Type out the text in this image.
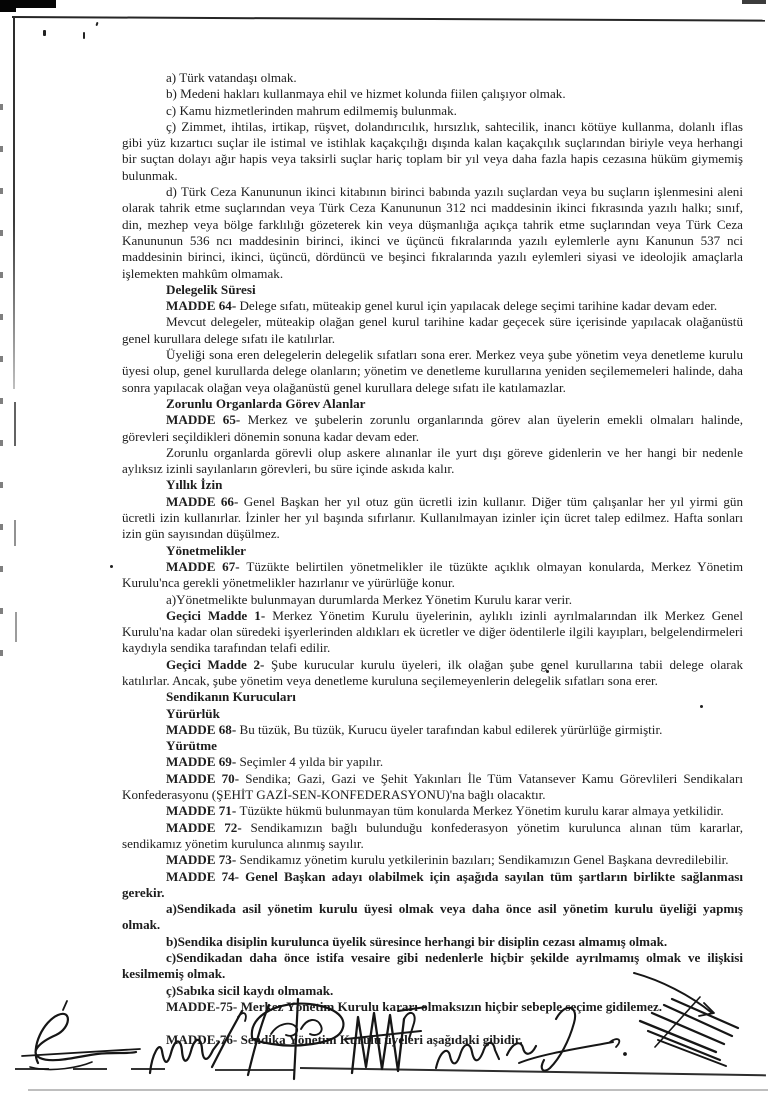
a) Türk vatandaşı olmak.

b) Medeni hakları kullanmaya ehil ve hizmet kolunda fiilen çalışıyor olmak.

c) Kamu hizmetlerinden mahrum edilmemiş bulunmak.

ç) Zimmet, ihtilas, irtikap, rüşvet, dolandırıcılık, hırsızlık, sahtecilik, inancı kötüye kullanma, dolanlı iflas gibi yüz kızartıcı suçlar ile istimal ve istihlak kaçakçılığı dışında kalan kaçakçılık suçlarından biriyle veya herhangi bir suçtan dolayı ağır hapis veya taksirli suçlar hariç toplam bir yıl veya daha fazla hapis cezasına hüküm giymemiş bulunmak.

d) Türk Ceza Kanununun ikinci kitabının birinci babında yazılı suçlardan veya bu suçların işlenmesini aleni olarak tahrik etme suçlarından veya Türk Ceza Kanununun 312 nci maddesinin ikinci fıkrasında yazılı halkı; sınıf, din, mezhep veya bölge farklılığı gözeterek kin veya düşmanlığa açıkça tahrik etme suçlarından veya Türk Ceza Kanununun 536 ncı maddesinin birinci, ikinci ve üçüncü fıkralarında yazılı eylemlerle aynı Kanunun 537 nci maddesinin birinci, ikinci, üçüncü, dördüncü ve beşinci fıkralarında yazılı eylemleri siyasi ve ideolojik amaçlarla işlemekten mahkûm olmamak.

Delegelik Süresi

MADDE 64- Delege sıfatı, müteakip genel kurul için yapılacak delege seçimi tarihine kadar devam eder.

Mevcut delegeler, müteakip olağan genel kurul tarihine kadar geçecek süre içerisinde yapılacak olağanüstü genel kurullara delege sıfatı ile katılırlar.

Üyeliği sona eren delegelerin delegelik sıfatları sona erer. Merkez veya şube yönetim veya denetleme kurulu üyesi olup, genel kurullarda delege olanların; yönetim ve denetleme kurullarına yeniden seçilememeleri halinde, daha sonra yapılacak olağan veya olağanüstü genel kurullara delege sıfatı ile katılamazlar.

Zorunlu Organlarda Görev Alanlar

MADDE 65- Merkez ve şubelerin zorunlu organlarında görev alan üyelerin emekli olmaları halinde, görevleri seçildikleri dönemin sonuna kadar devam eder.

Zorunlu organlarda görevli olup askere alınanlar ile yurt dışı göreve gidenlerin ve her hangi bir nedenle aylıksız izinli sayılanların görevleri, bu süre içinde askıda kalır.

Yıllık İzin

MADDE 66- Genel Başkan her yıl otuz gün ücretli izin kullanır. Diğer tüm çalışanlar her yıl yirmi gün ücretli izin kullanırlar. İzinler her yıl başında sıfırlanır. Kullanılmayan izinler için ücret talep edilmez. Hafta sonları izin gün sayısından düşülmez.

Yönetmelikler

MADDE 67- Tüzükte belirtilen yönetmelikler ile tüzükte açıklık olmayan konularda, Merkez Yönetim Kurulu'nca gerekli yönetmelikler hazırlanır ve yürürlüğe konur.

a)Yönetmelikte bulunmayan durumlarda Merkez Yönetim Kurulu karar verir.

Geçici Madde 1- Merkez Yönetim Kurulu üyelerinin, aylıklı izinli ayrılmalarından ilk Merkez Genel Kurulu'na kadar olan süredeki işyerlerinden aldıkları ek ücretler ve diğer ödentilerle ilgili kayıpları, belgelendirmeleri kaydıyla sendika tarafından telafi edilir.

Geçici Madde 2- Şube kurucular kurulu üyeleri, ilk olağan şube genel kurullarına tabii delege olarak katılırlar. Ancak, şube yönetim veya denetleme kuruluna seçilemeyenlerin delegelik sıfatları sona erer.

Sendikanın Kurucuları

Yürürlük

MADDE 68- Bu tüzük, Bu tüzük, Kurucu üyeler tarafından kabul edilerek yürürlüğe girmiştir.

Yürütme

MADDE 69- Seçimler 4 yılda bir yapılır.

MADDE 70- Sendika; Gazi, Gazi ve Şehit Yakınları İle Tüm Vatansever Kamu Görevlileri Sendikaları Konfederasyonu (ŞEHİT GAZİ-SEN-KONFEDERASYONU)'na bağlı olacaktır.

MADDE 71- Tüzükte hükmü bulunmayan tüm konularda Merkez Yönetim kurulu karar almaya yetkilidir.

MADDE 72- Sendikamızın bağlı bulunduğu konfederasyon yönetim kurulunca alınan tüm kararlar, sendikamız yönetim kurulunca alınmış sayılır.

MADDE 73- Sendikamız yönetim kurulu yetkilerinin bazıları; Sendikamızın Genel Başkana devredilebilir.

MADDE 74- Genel Başkan adayı olabilmek için aşağıda sayılan tüm şartların birlikte sağlanması gerekir.

a)Sendikada asil yönetim kurulu üyesi olmak veya daha önce asil yönetim kurulu üyeliği yapmış olmak.

b)Sendika disiplin kurulunca üyelik süresince herhangi bir disiplin cezası almamış olmak.

c)Sendikadan daha önce istifa vesaire gibi nedenlerle hiçbir şekilde ayrılmamış olmak ve ilişkisi kesilmemiş olmak.

ç)Sabıka sicil kaydı olmamak.

MADDE-75- Merkez Yönetim Kurulu kararı olmaksızın hiçbir sebeple seçime gidilemez.

MADDE-76- Sendika Yönetim Kurulu üyeleri aşağıdaki gibidir.
